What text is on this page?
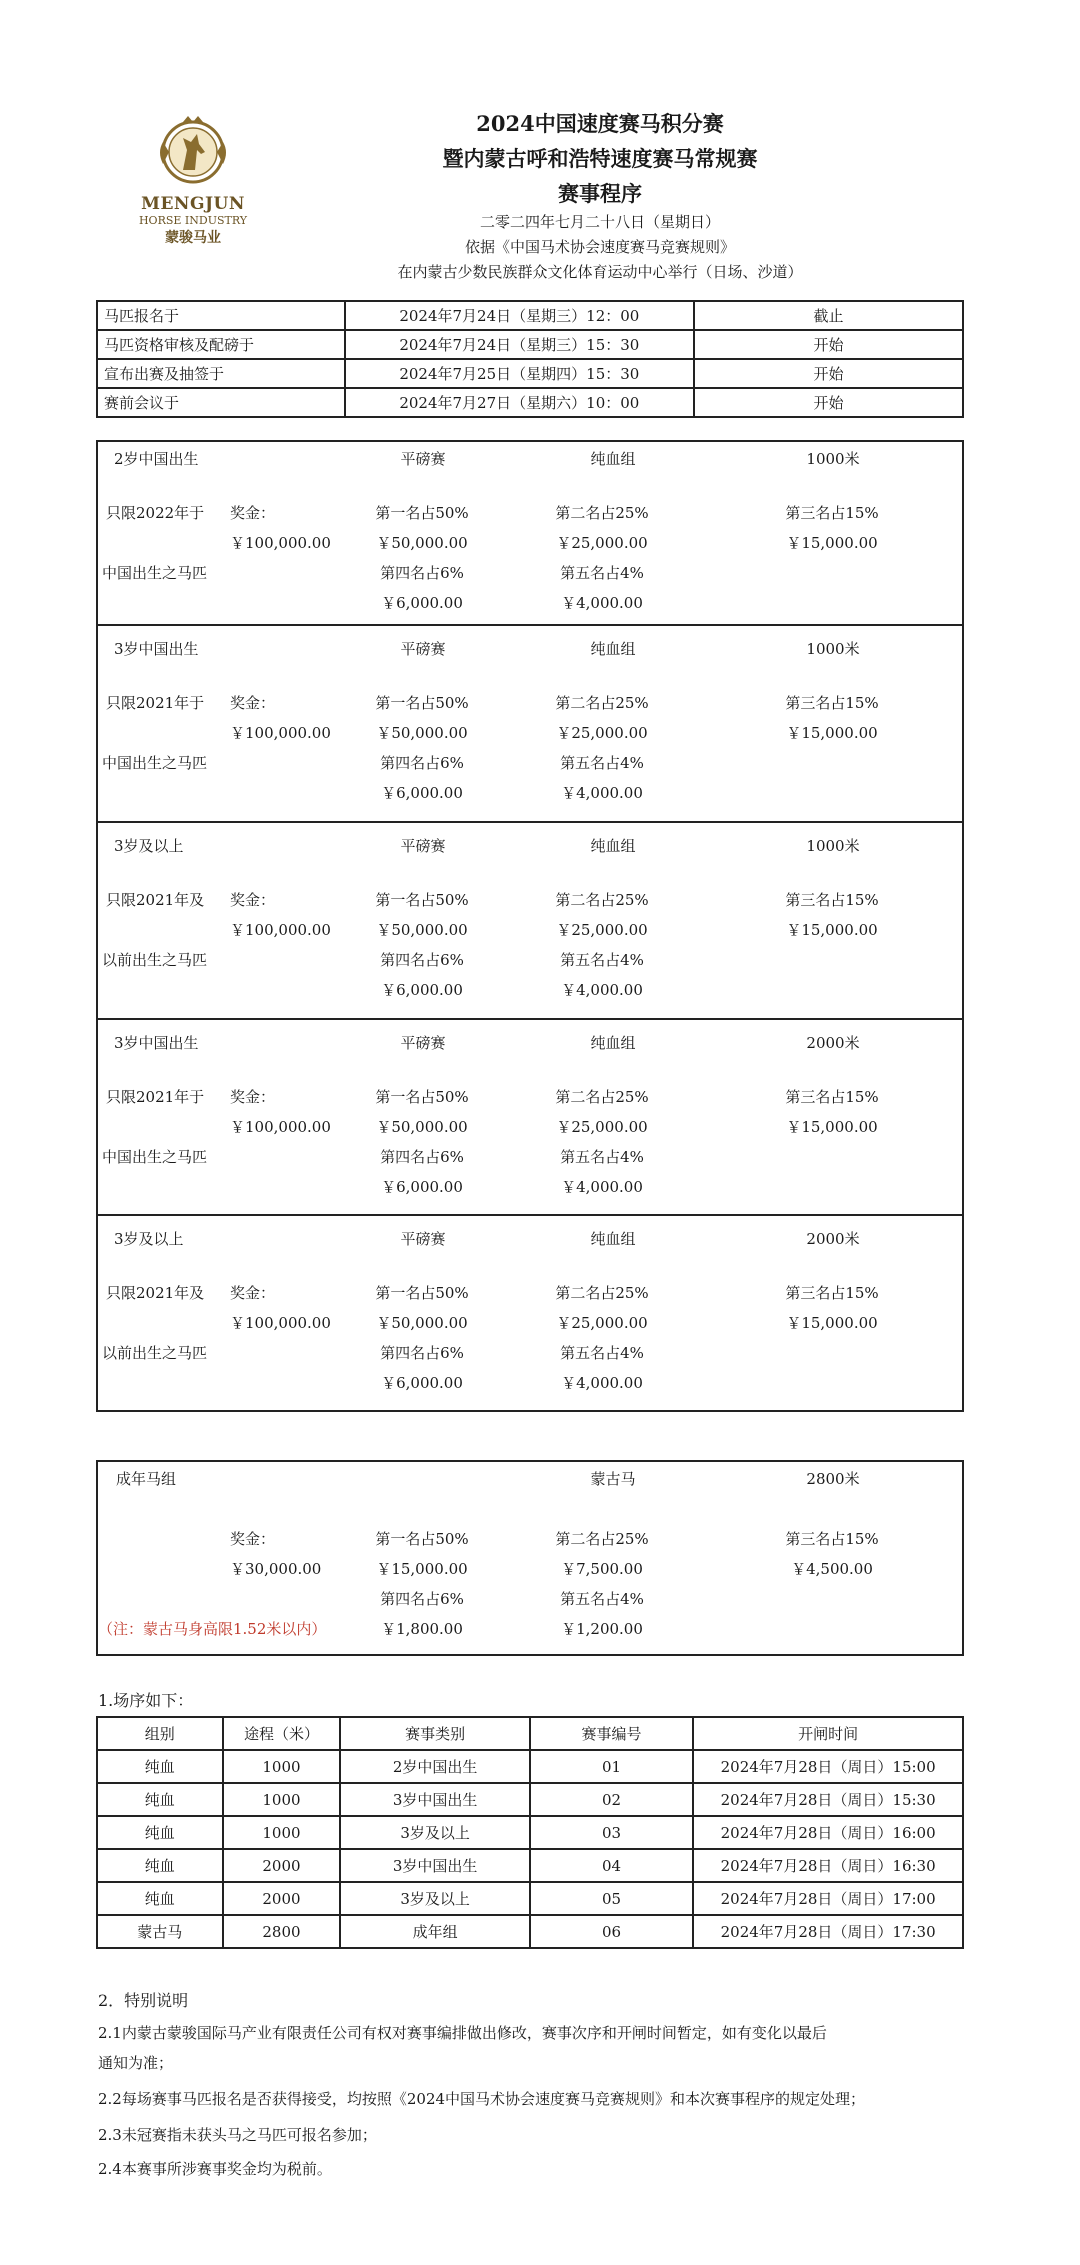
MENGJUN
HORSE INDUSTRY
蒙骏马业
2024中国速度赛马积分赛
暨内蒙古呼和浩特速度赛马常规赛
赛事程序
二零二四年七月二十八日（星期日）
依据《中国马术协会速度赛马竞赛规则》
在内蒙古少数民族群众文化体育运动中心举行（日场、沙道）
马匹报名于	2024年7月24日（星期三）12：00	截止
马匹资格审核及配磅于	2024年7月24日（星期三）15：30	开始
宣布出赛及抽签于	2024年7月25日（星期四）15：30	开始
赛前会议于	2024年7月27日（星期六）10：00	开始
2岁中国出生	平磅赛	纯血组	1000米
只限2022年于 奖金：	第一名占50%	第二名占25%	第三名占15%
￥100,000.00	￥50,000.00	￥25,000.00	￥15,000.00
中国出生之马匹	第四名占6%	第五名占4%
￥6,000.00	￥4,000.00
3岁中国出生	平磅赛	纯血组	1000米
只限2021年于 奖金：	第一名占50%	第二名占25%	第三名占15%
￥100,000.00	￥50,000.00	￥25,000.00	￥15,000.00
中国出生之马匹	第四名占6%	第五名占4%
￥6,000.00	￥4,000.00
3岁及以上	平磅赛	纯血组	1000米
只限2021年及 奖金：	第一名占50%	第二名占25%	第三名占15%
￥100,000.00	￥50,000.00	￥25,000.00	￥15,000.00
以前出生之马匹	第四名占6%	第五名占4%
￥6,000.00	￥4,000.00
3岁中国出生	平磅赛	纯血组	2000米
只限2021年于 奖金：	第一名占50%	第二名占25%	第三名占15%
￥100,000.00	￥50,000.00	￥25,000.00	￥15,000.00
中国出生之马匹	第四名占6%	第五名占4%
￥6,000.00	￥4,000.00
3岁及以上	平磅赛	纯血组	2000米
只限2021年及 奖金：	第一名占50%	第二名占25%	第三名占15%
￥100,000.00	￥50,000.00	￥25,000.00	￥15,000.00
以前出生之马匹	第四名占6%	第五名占4%
￥6,000.00	￥4,000.00
成年马组	蒙古马	2800米
奖金：	第一名占50%	第二名占25%	第三名占15%
￥30,000.00	￥15,000.00	￥7,500.00	￥4,500.00
第四名占6%	第五名占4%
（注：蒙古马身高限1.52米以内）	￥1,800.00	￥1,200.00
1.场序如下：
组别	途程（米）	赛事类别	赛事编号	开闸时间
纯血	1000	2岁中国出生	01	2024年7月28日（周日）15:00
纯血	1000	3岁中国出生	02	2024年7月28日（周日）15:30
纯血	1000	3岁及以上	03	2024年7月28日（周日）16:00
纯血	2000	3岁中国出生	04	2024年7月28日（周日）16:30
纯血	2000	3岁及以上	05	2024年7月28日（周日）17:00
蒙古马	2800	成年组	06	2024年7月28日（周日）17:30
2．特别说明
2.1内蒙古蒙骏国际马产业有限责任公司有权对赛事编排做出修改，赛事次序和开闸时间暂定，如有变化以最后
通知为准；
2.2每场赛事马匹报名是否获得接受，均按照《2024中国马术协会速度赛马竞赛规则》和本次赛事程序的规定处理；
2.3未冠赛指未获头马之马匹可报名参加；
2.4本赛事所涉赛事奖金均为税前。
